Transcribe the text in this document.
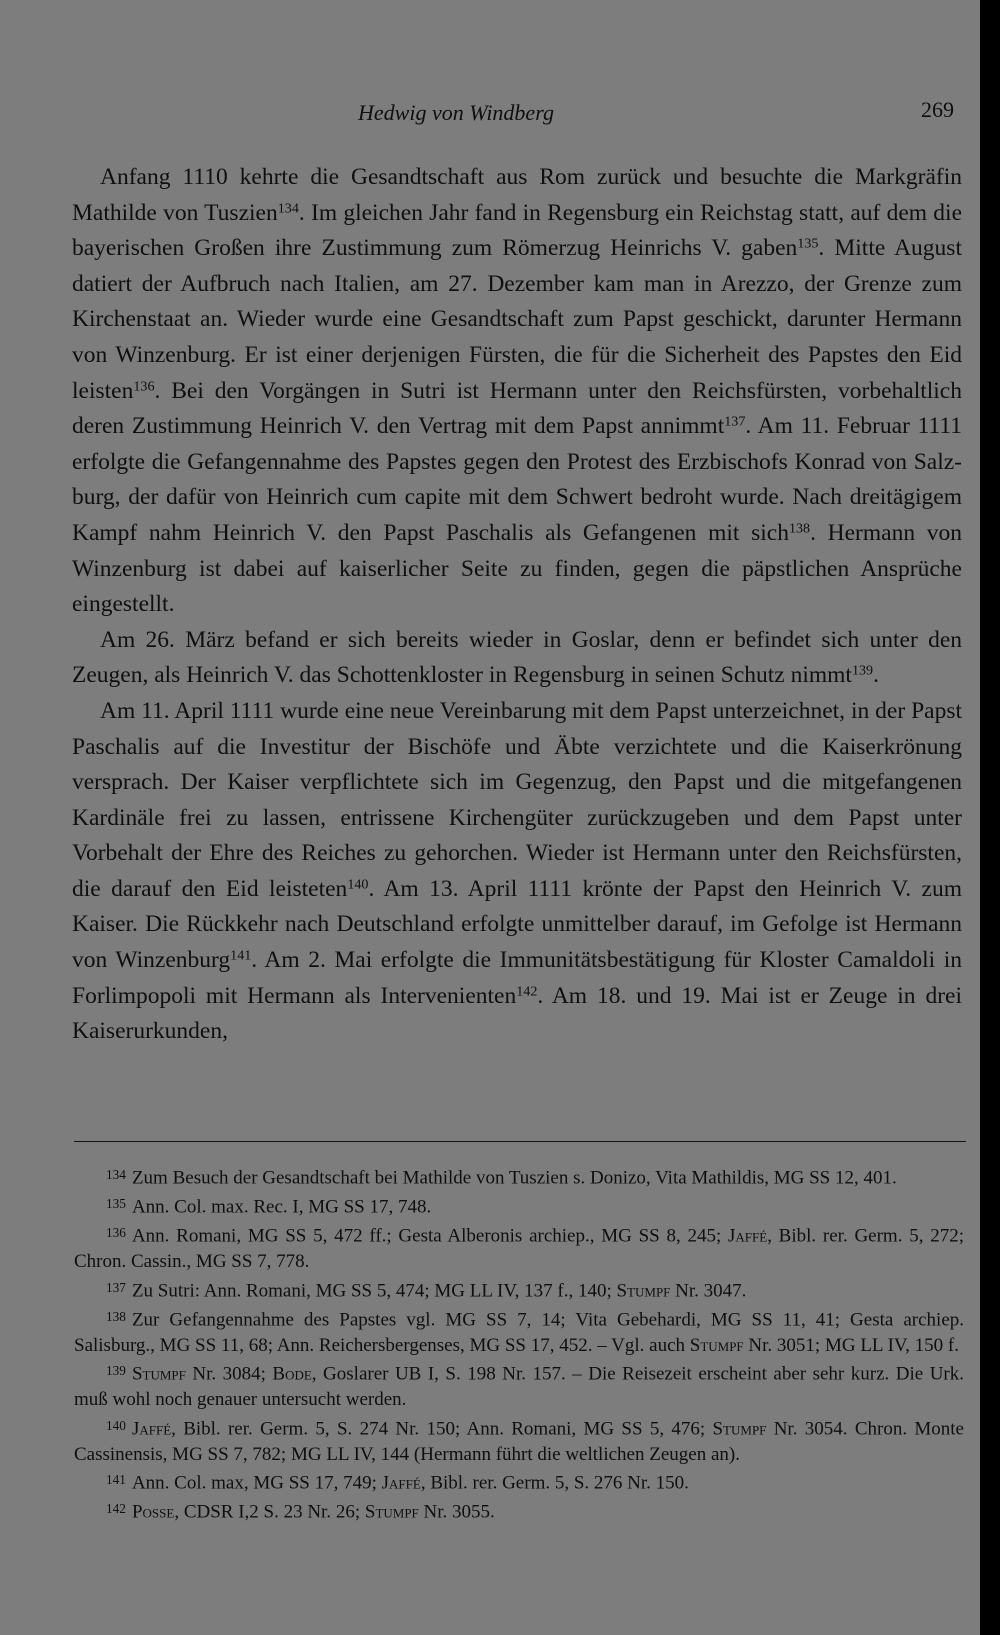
Hedwig von Windberg	269

Anfang 1110 kehrte die Gesandtschaft aus Rom zurück und besuchte die Markgräfin Mathilde von Tuszien$^{134}$. Im gleichen Jahr fand in Regensburg ein Reichstag statt, auf dem die bayerischen Großen ihre Zustimmung zum Römerzug Heinrichs V. gaben$^{135}$. Mitte August datiert der Aufbruch nach Italien, am 27. Dezember kam man in Arezzo, der Grenze zum Kirchenstaat an. Wieder wurde eine Gesandtschaft zum Papst geschickt, darunter Hermann von Winzenburg. Er ist einer derjenigen Fürsten, die für die Sicherheit des Papstes den Eid leisten$^{136}$. Bei den Vorgängen in Sutri ist Hermann unter den Reichsfürsten, vorbehaltlich deren Zustimmung Heinrich V. den Vertrag mit dem Papst annimmt$^{137}$. Am 11. Februar 1111 erfolgte die Gefangennahme des Papstes gegen den Protest des Erzbischofs Konrad von Salzburg, der dafür von Heinrich cum capite mit dem Schwert bedroht wurde. Nach dreitägigem Kampf nahm Heinrich V. den Papst Paschalis als Gefangenen mit sich$^{138}$. Hermann von Winzenburg ist dabei auf kaiserlicher Seite zu finden, gegen die päpstlichen Ansprüche eingestellt.

Am 26. März befand er sich bereits wieder in Goslar, denn er befindet sich unter den Zeugen, als Heinrich V. das Schottenkloster in Regensburg in seinen Schutz nimmt$^{139}$.

Am 11. April 1111 wurde eine neue Vereinbarung mit dem Papst unterzeichnet, in der Papst Paschalis auf die Investitur der Bischöfe und Äbte verzichtete und die Kaiserkrönung versprach. Der Kaiser verpflichtete sich im Gegenzug, den Papst und die mitgefangenen Kardinäle frei zu lassen, entrissene Kirchengüter zurückzugeben und dem Papst unter Vorbehalt der Ehre des Reiches zu gehorchen. Wieder ist Hermann unter den Reichsfürsten, die darauf den Eid leisteten$^{140}$. Am 13. April 1111 krönte der Papst den Heinrich V. zum Kaiser. Die Rückkehr nach Deutschland erfolgte unmittelber darauf, im Gefolge ist Hermann von Winzenburg$^{141}$. Am 2. Mai erfolgte die Immunitätsbestätigung für Kloster Camaldoli in Forlimpopoli mit Hermann als Intervenienten$^{142}$. Am 18. und 19. Mai ist er Zeuge in drei Kaiserurkunden,

$^{134}$ Zum Besuch der Gesandtschaft bei Mathilde von Tuszien s. Donizo, Vita Mathildis, MG SS 12, 401.

$^{135}$ Ann. Col. max. Rec. I, MG SS 17, 748.

$^{136}$ Ann. Romani, MG SS 5, 472 ff.; Gesta Alberonis archiep., MG SS 8, 245; Jaffé, Bibl. rer. Germ. 5, 272; Chron. Cassin., MG SS 7, 778.

$^{137}$ Zu Sutri: Ann. Romani, MG SS 5, 474; MG LL IV, 137 f., 140; Stumpf Nr. 3047.

$^{138}$ Zur Gefangennahme des Papstes vgl. MG SS 7, 14; Vita Gebehardi, MG SS 11, 41; Gesta archiep. Salisburg., MG SS 11, 68; Ann. Reichersbergenses, MG SS 17, 452. – Vgl. auch Stumpf Nr. 3051; MG LL IV, 150 f.

$^{139}$ Stumpf Nr. 3084; Bode, Goslarer UB I, S. 198 Nr. 157. – Die Reisezeit erscheint aber sehr kurz. Die Urk. muß wohl noch genauer untersucht werden.

$^{140}$ Jaffé, Bibl. rer. Germ. 5, S. 274 Nr. 150; Ann. Romani, MG SS 5, 476; Stumpf Nr. 3054. Chron. Monte Cassinensis, MG SS 7, 782; MG LL IV, 144 (Hermann führt die weltlichen Zeugen an).

$^{141}$ Ann. Col. max, MG SS 17, 749; Jaffé, Bibl. rer. Germ. 5, S. 276 Nr. 150.

$^{142}$ Posse, CDSR I,2 S. 23 Nr. 26; Stumpf Nr. 3055.
